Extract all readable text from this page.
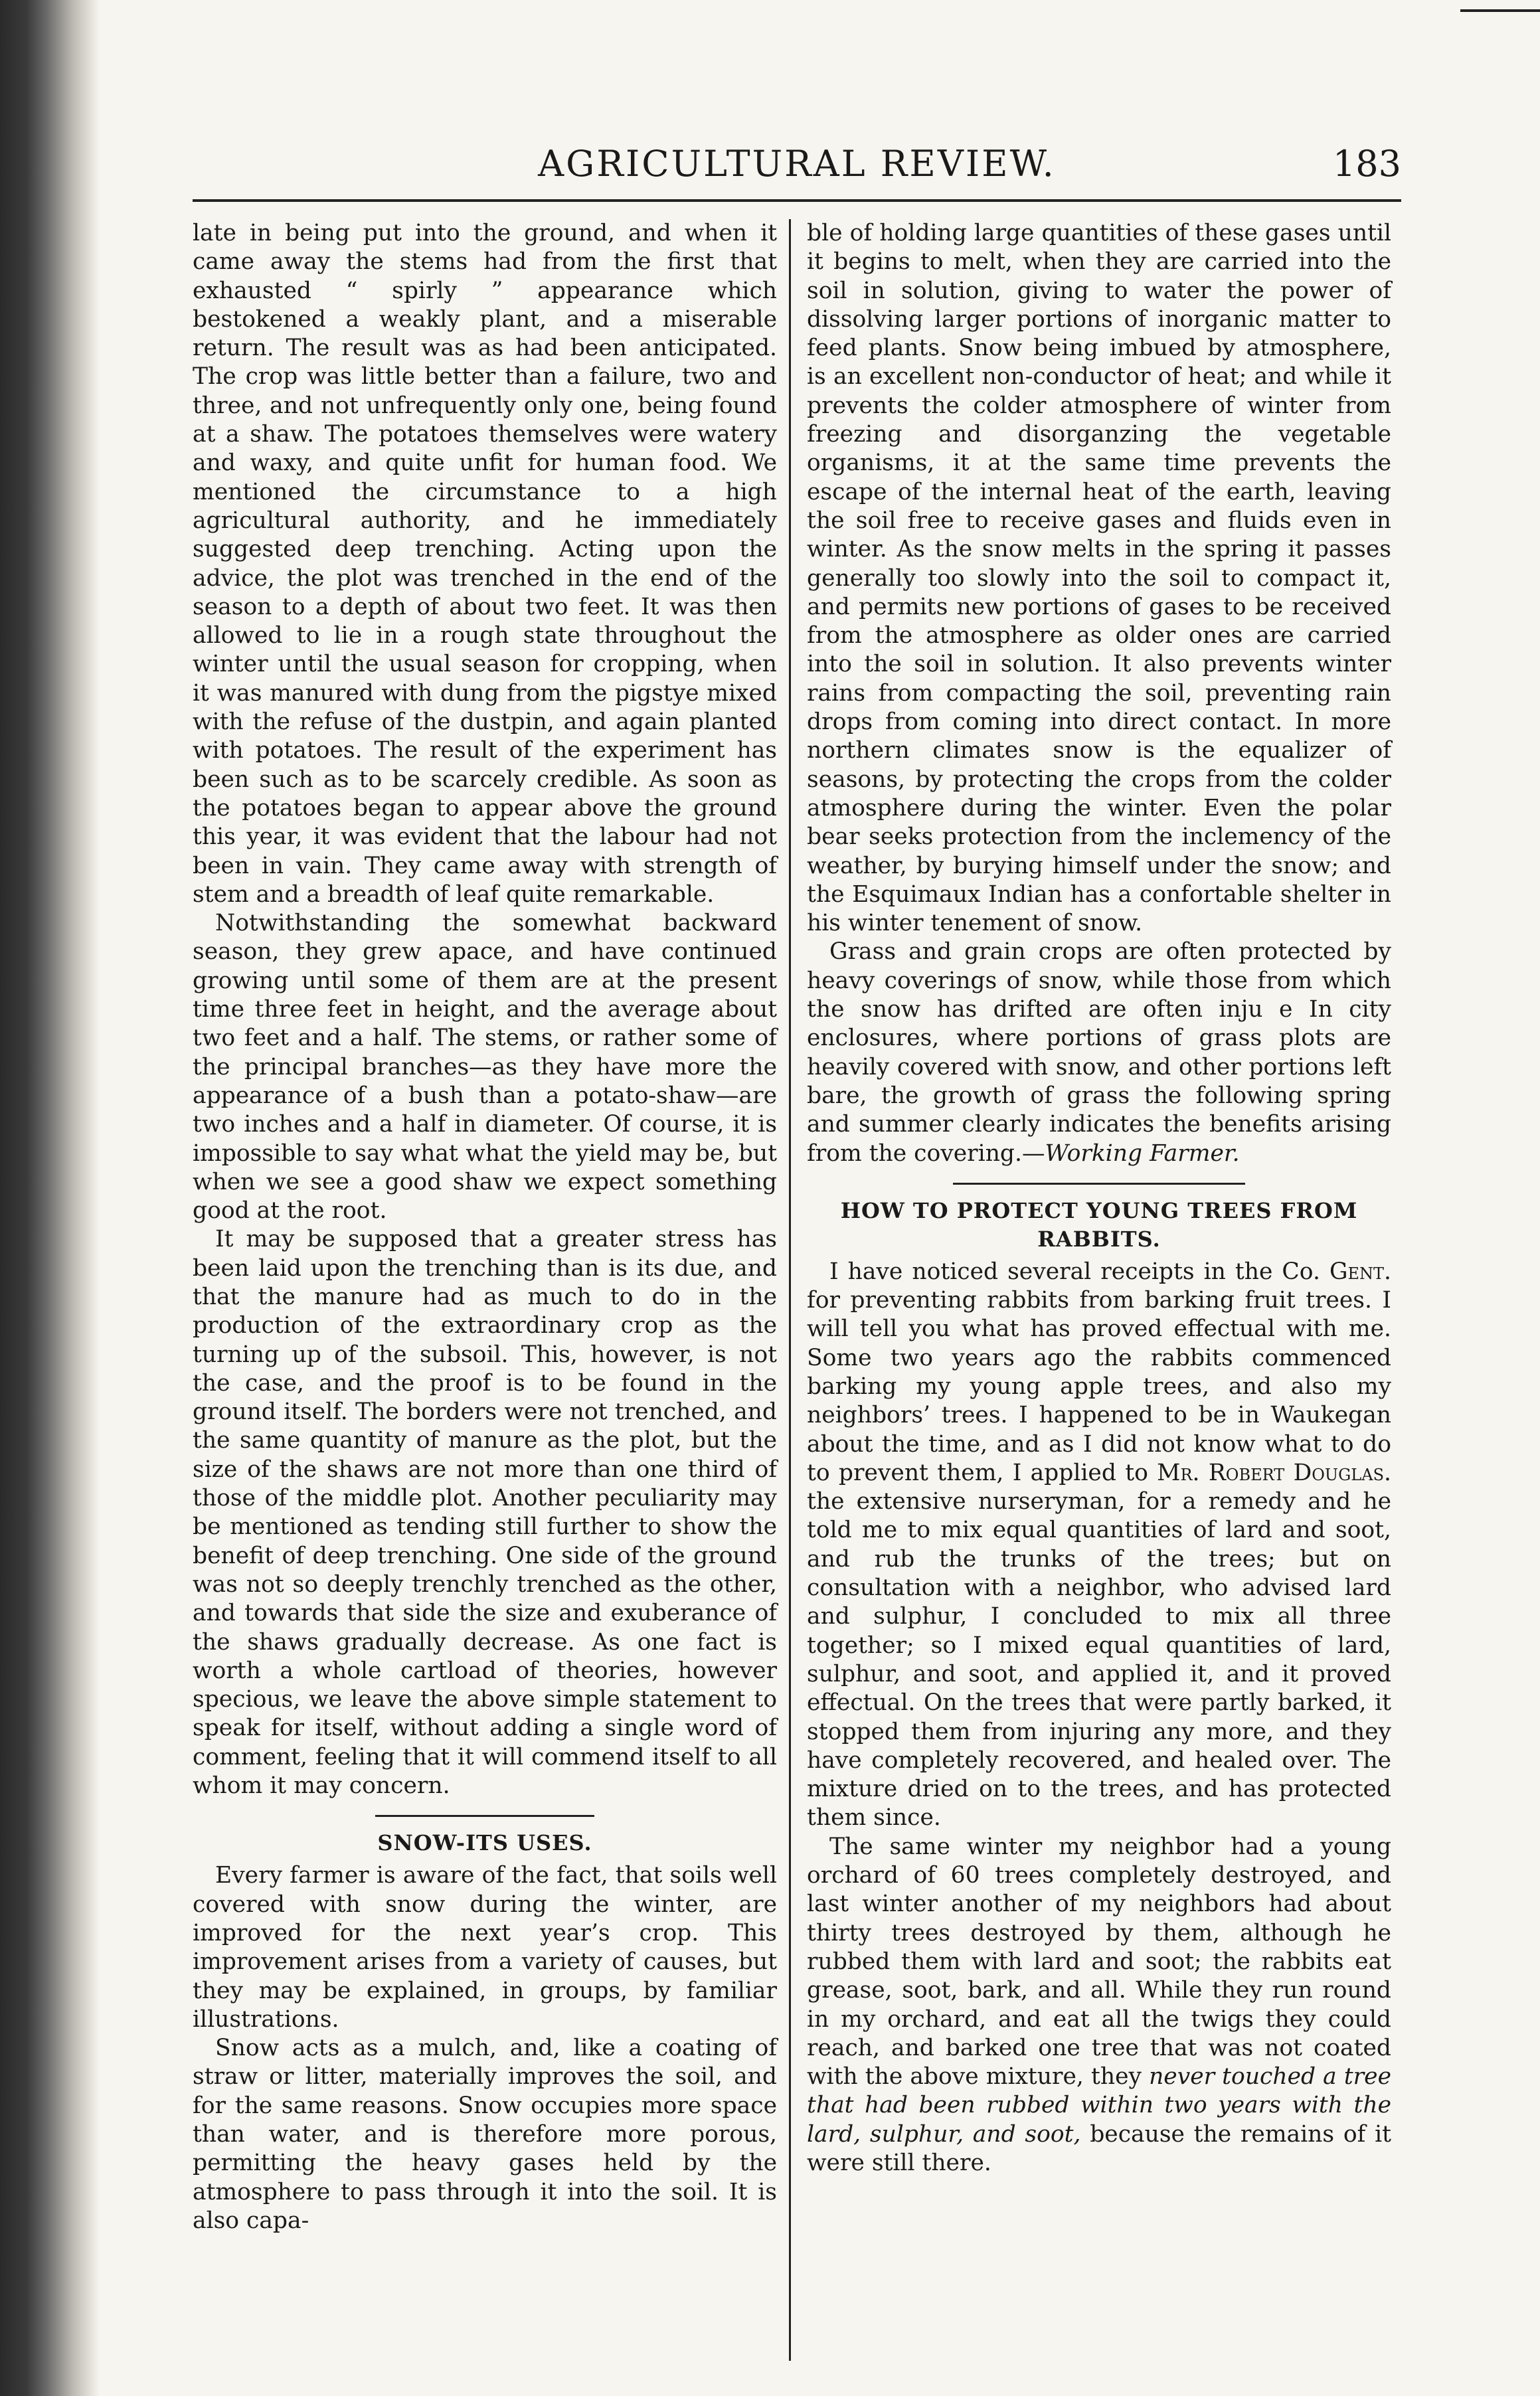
AGRICULTURAL REVIEW.	183

late in being put into the ground, and when it came away the stems had from the first that exhausted “ spirly ” appearance which bestokened a weakly plant, and a miserable return. The result was as had been anticipated. The crop was little better than a failure, two and three, and not unfrequently only one, being found at a shaw. The potatoes themselves were watery and waxy, and quite unfit for human food. We mentioned the circumstance to a high agricultural authority, and he immediately suggested deep trenching. Acting upon the advice, the plot was trenched in the end of the season to a depth of about two feet. It was then allowed to lie in a rough state throughout the winter until the usual season for cropping, when it was manured with dung from the pigstye mixed with the refuse of the dustpin, and again planted with potatoes. The result of the experiment has been such as to be scarcely credible. As soon as the potatoes began to appear above the ground this year, it was evident that the labour had not been in vain. They came away with strength of stem and a breadth of leaf quite remarkable.

Notwithstanding the somewhat backward season, they grew apace, and have continued growing until some of them are at the present time three feet in height, and the average about two feet and a half. The stems, or rather some of the principal branches—as they have more the appearance of a bush than a potato-shaw—are two inches and a half in diameter. Of course, it is impossible to say what what the yield may be, but when we see a good shaw we expect something good at the root.

It may be supposed that a greater stress has been laid upon the trenching than is its due, and that the manure had as much to do in the production of the extraordinary crop as the turning up of the subsoil. This, however, is not the case, and the proof is to be found in the ground itself. The borders were not trenched, and the same quantity of manure as the plot, but the size of the shaws are not more than one third of those of the middle plot. Another peculiarity may be mentioned as tending still further to show the benefit of deep trenching. One side of the ground was not so deeply trenchly trenched as the other, and towards that side the size and exuberance of the shaws gradually decrease. As one fact is worth a whole cartload of theories, however specious, we leave the above simple statement to speak for itself, without adding a single word of comment, feeling that it will commend itself to all whom it may concern.

SNOW-ITS USES.

Every farmer is aware of the fact, that soils well covered with snow during the winter, are improved for the next year’s crop. This improvement arises from a variety of causes, but they may be explained, in groups, by familiar illustrations.

Snow acts as a mulch, and, like a coating of straw or litter, materially improves the soil, and for the same reasons. Snow occupies more space than water, and is therefore more porous, permitting the heavy gases held by the atmosphere to pass through it into the soil. It is also capa-

ble of holding large quantities of these gases until it begins to melt, when they are carried into the soil in solution, giving to water the power of dissolving larger portions of inorganic matter to feed plants. Snow being imbued by atmosphere, is an excellent non-conductor of heat; and while it prevents the colder atmosphere of winter from freezing and disorganzing the vegetable organisms, it at the same time prevents the escape of the internal heat of the earth, leaving the soil free to receive gases and fluids even in winter. As the snow melts in the spring it passes generally too slowly into the soil to compact it, and permits new portions of gases to be received from the atmosphere as older ones are carried into the soil in solution. It also prevents winter rains from compacting the soil, preventing rain drops from coming into direct contact. In more northern climates snow is the equalizer of seasons, by protecting the crops from the colder atmosphere during the winter. Even the polar bear seeks protection from the inclemency of the weather, by burying himself under the snow; and the Esquimaux Indian has a confortable shelter in his winter tenement of snow.

Grass and grain crops are often protected by heavy coverings of snow, while those from which the snow has drifted are often inju e In city enclosures, where portions of grass plots are heavily covered with snow, and other portions left bare, the growth of grass the following spring and summer clearly indicates the benefits arising from the covering.—Working Farmer.

HOW TO PROTECT YOUNG TREES FROM RABBITS.

I have noticed several receipts in the Co. Gent. for preventing rabbits from barking fruit trees. I will tell you what has proved effectual with me. Some two years ago the rabbits commenced barking my young apple trees, and also my neighbors’ trees. I happened to be in Waukegan about the time, and as I did not know what to do to prevent them, I applied to Mr. Robert Douglas. the extensive nurseryman, for a remedy and he told me to mix equal quantities of lard and soot, and rub the trunks of the trees; but on consultation with a neighbor, who advised lard and sulphur, I concluded to mix all three together; so I mixed equal quantities of lard, sulphur, and soot, and applied it, and it proved effectual. On the trees that were partly barked, it stopped them from injuring any more, and they have completely recovered, and healed over. The mixture dried on to the trees, and has protected them since.

The same winter my neighbor had a young orchard of 60 trees completely destroyed, and last winter another of my neighbors had about thirty trees destroyed by them, although he rubbed them with lard and soot; the rabbits eat grease, soot, bark, and all. While they run round in my orchard, and eat all the twigs they could reach, and barked one tree that was not coated with the above mixture, they never touched a tree that had been rubbed within two years with the lard, sulphur, and soot, because the remains of it were still there.
